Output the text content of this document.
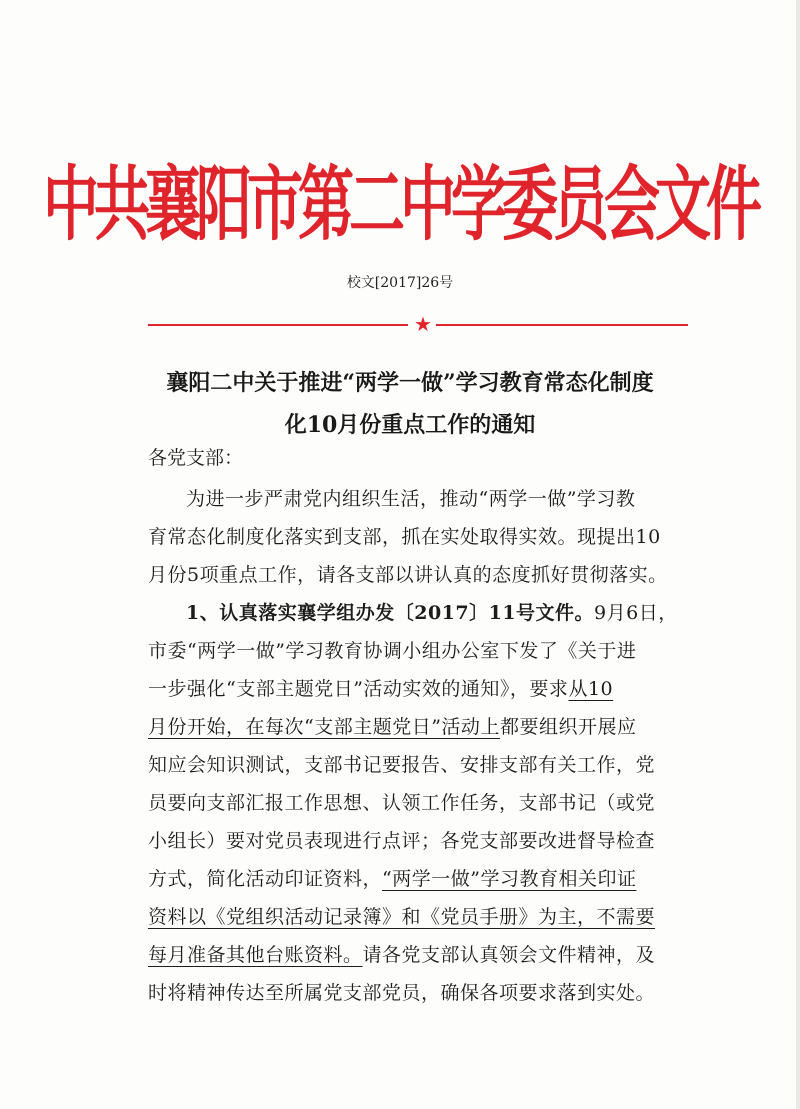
中共襄阳市第二中学委员会文件
校文[2017]26号
★
襄阳二中关于推进“两学一做”学习教育常态化制度
化10月份重点工作的通知
各党支部：
为进一步严肃党内组织生活，推动“两学一做”学习教
育常态化制度化落实到支部，抓在实处取得实效。现提出10
月份5项重点工作，请各支部以讲认真的态度抓好贯彻落实。
1、认真落实襄学组办发〔2017〕11号文件。9月6日，
市委“两学一做”学习教育协调小组办公室下发了《关于进
一步强化“支部主题党日”活动实效的通知》，要求从10
月份开始，在每次“支部主题党日”活动上都要组织开展应
知应会知识测试，支部书记要报告、安排支部有关工作，党
员要向支部汇报工作思想、认领工作任务，支部书记（或党
小组长）要对党员表现进行点评；各党支部要改进督导检查
方式，简化活动印证资料，“两学一做”学习教育相关印证
资料以《党组织活动记录簿》和《党员手册》为主，不需要
每月准备其他台账资料。请各党支部认真领会文件精神，及
时将精神传达至所属党支部党员，确保各项要求落到实处。
